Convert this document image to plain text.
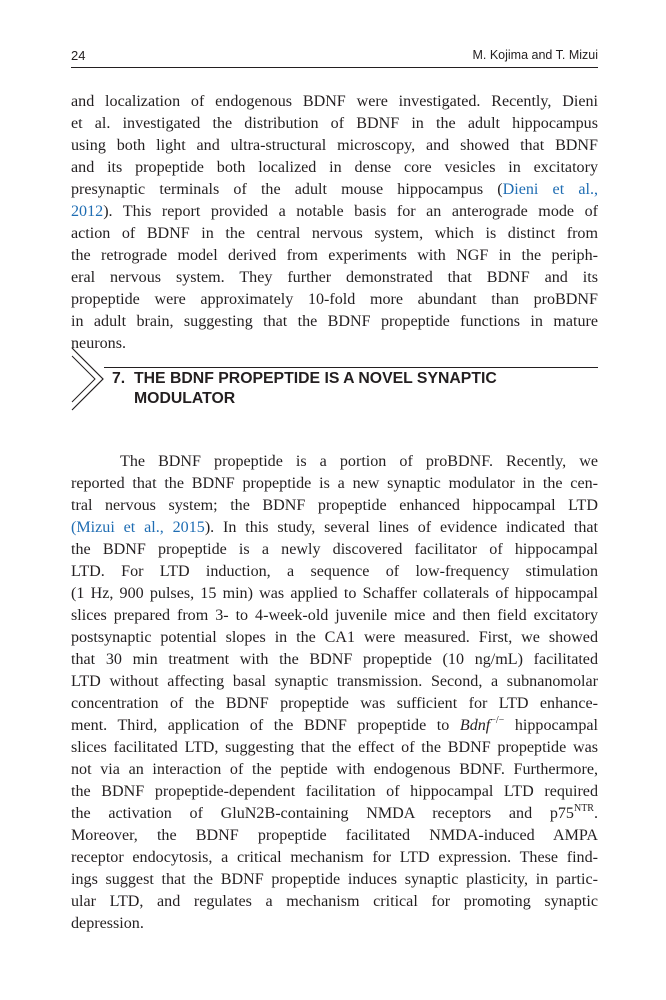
24	M. Kojima and T. Mizui
and localization of endogenous BDNF were investigated. Recently, Dieni
et al. investigated the distribution of BDNF in the adult hippocampus
using both light and ultra-structural microscopy, and showed that BDNF
and its propeptide both localized in dense core vesicles in excitatory
presynaptic terminals of the adult mouse hippocampus (Dieni et al.,
2012). This report provided a notable basis for an anterograde mode of
action of BDNF in the central nervous system, which is distinct from
the retrograde model derived from experiments with NGF in the periph-
eral nervous system. They further demonstrated that BDNF and its
propeptide were approximately 10-fold more abundant than proBDNF
in adult brain, suggesting that the BDNF propeptide functions in mature
neurons.
7. THE BDNF PROPEPTIDE IS A NOVEL SYNAPTIC
MODULATOR
The BDNF propeptide is a portion of proBDNF. Recently, we
reported that the BDNF propeptide is a new synaptic modulator in the cen-
tral nervous system; the BDNF propeptide enhanced hippocampal LTD
(Mizui et al., 2015). In this study, several lines of evidence indicated that
the BDNF propeptide is a newly discovered facilitator of hippocampal
LTD. For LTD induction, a sequence of low-frequency stimulation
(1 Hz, 900 pulses, 15 min) was applied to Schaffer collaterals of hippocampal
slices prepared from 3- to 4-week-old juvenile mice and then field excitatory
postsynaptic potential slopes in the CA1 were measured. First, we showed
that 30 min treatment with the BDNF propeptide (10 ng/mL) facilitated
LTD without affecting basal synaptic transmission. Second, a subnanomolar
concentration of the BDNF propeptide was sufficient for LTD enhance-
ment. Third, application of the BDNF propeptide to Bdnf−/− hippocampal
slices facilitated LTD, suggesting that the effect of the BDNF propeptide was
not via an interaction of the peptide with endogenous BDNF. Furthermore,
the BDNF propeptide-dependent facilitation of hippocampal LTD required
the activation of GluN2B-containing NMDA receptors and $p75^{NTR}$.
Moreover, the BDNF propeptide facilitated NMDA-induced AMPA
receptor endocytosis, a critical mechanism for LTD expression. These find-
ings suggest that the BDNF propeptide induces synaptic plasticity, in partic-
ular LTD, and regulates a mechanism critical for promoting synaptic
depression.
